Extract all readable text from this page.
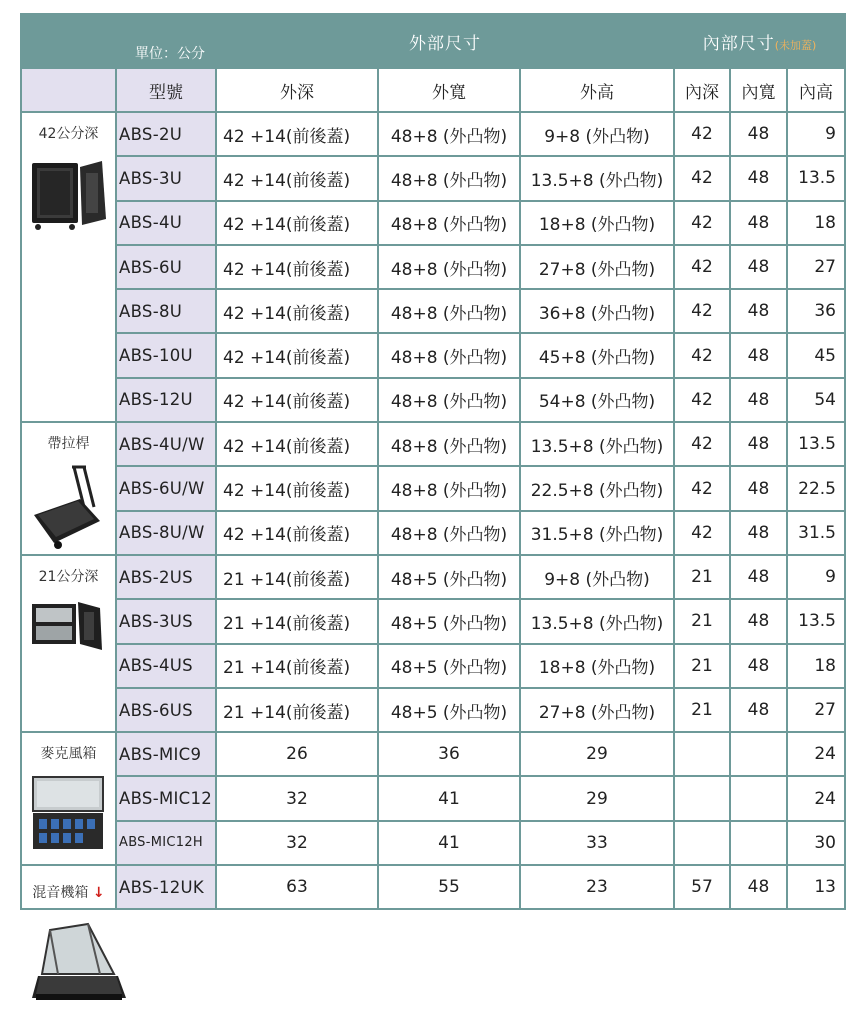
單位：公分		外部尺寸			內部尺寸(未加蓋)		
	型號	外深	外寬	外高	內深	內寬	內高

42公分深	ABS-2U	42 +14(前後蓋)	48+8 (外凸物)	9+8 (外凸物)	42	48	9
	ABS-3U	42 +14(前後蓋)	48+8 (外凸物)	13.5+8 (外凸物)	42	48	13.5
	ABS-4U	42 +14(前後蓋)	48+8 (外凸物)	18+8 (外凸物)	42	48	18
	ABS-6U	42 +14(前後蓋)	48+8 (外凸物)	27+8 (外凸物)	42	48	27
	ABS-8U	42 +14(前後蓋)	48+8 (外凸物)	36+8 (外凸物)	42	48	36
	ABS-10U	42 +14(前後蓋)	48+8 (外凸物)	45+8 (外凸物)	42	48	45
	ABS-12U	42 +14(前後蓋)	48+8 (外凸物)	54+8 (外凸物)	42	48	54

帶拉桿	ABS-4U/W	42 +14(前後蓋)	48+8 (外凸物)	13.5+8 (外凸物)	42	48	13.5
	ABS-6U/W	42 +14(前後蓋)	48+8 (外凸物)	22.5+8 (外凸物)	42	48	22.5
	ABS-8U/W	42 +14(前後蓋)	48+8 (外凸物)	31.5+8 (外凸物)	42	48	31.5

21公分深	ABS-2US	21 +14(前後蓋)	48+5 (外凸物)	9+8 (外凸物)	21	48	9
	ABS-3US	21 +14(前後蓋)	48+5 (外凸物)	13.5+8 (外凸物)	21	48	13.5
	ABS-4US	21 +14(前後蓋)	48+5 (外凸物)	18+8 (外凸物)	21	48	18
	ABS-6US	21 +14(前後蓋)	48+5 (外凸物)	27+8 (外凸物)	21	48	27

麥克風箱	ABS-MIC9	26	36	29			24
	ABS-MIC12	32	41	29			24
	ABS-MIC12H	32	41	33			30

混音機箱 ↓	ABS-12UK	63	55	23	57	48	13
